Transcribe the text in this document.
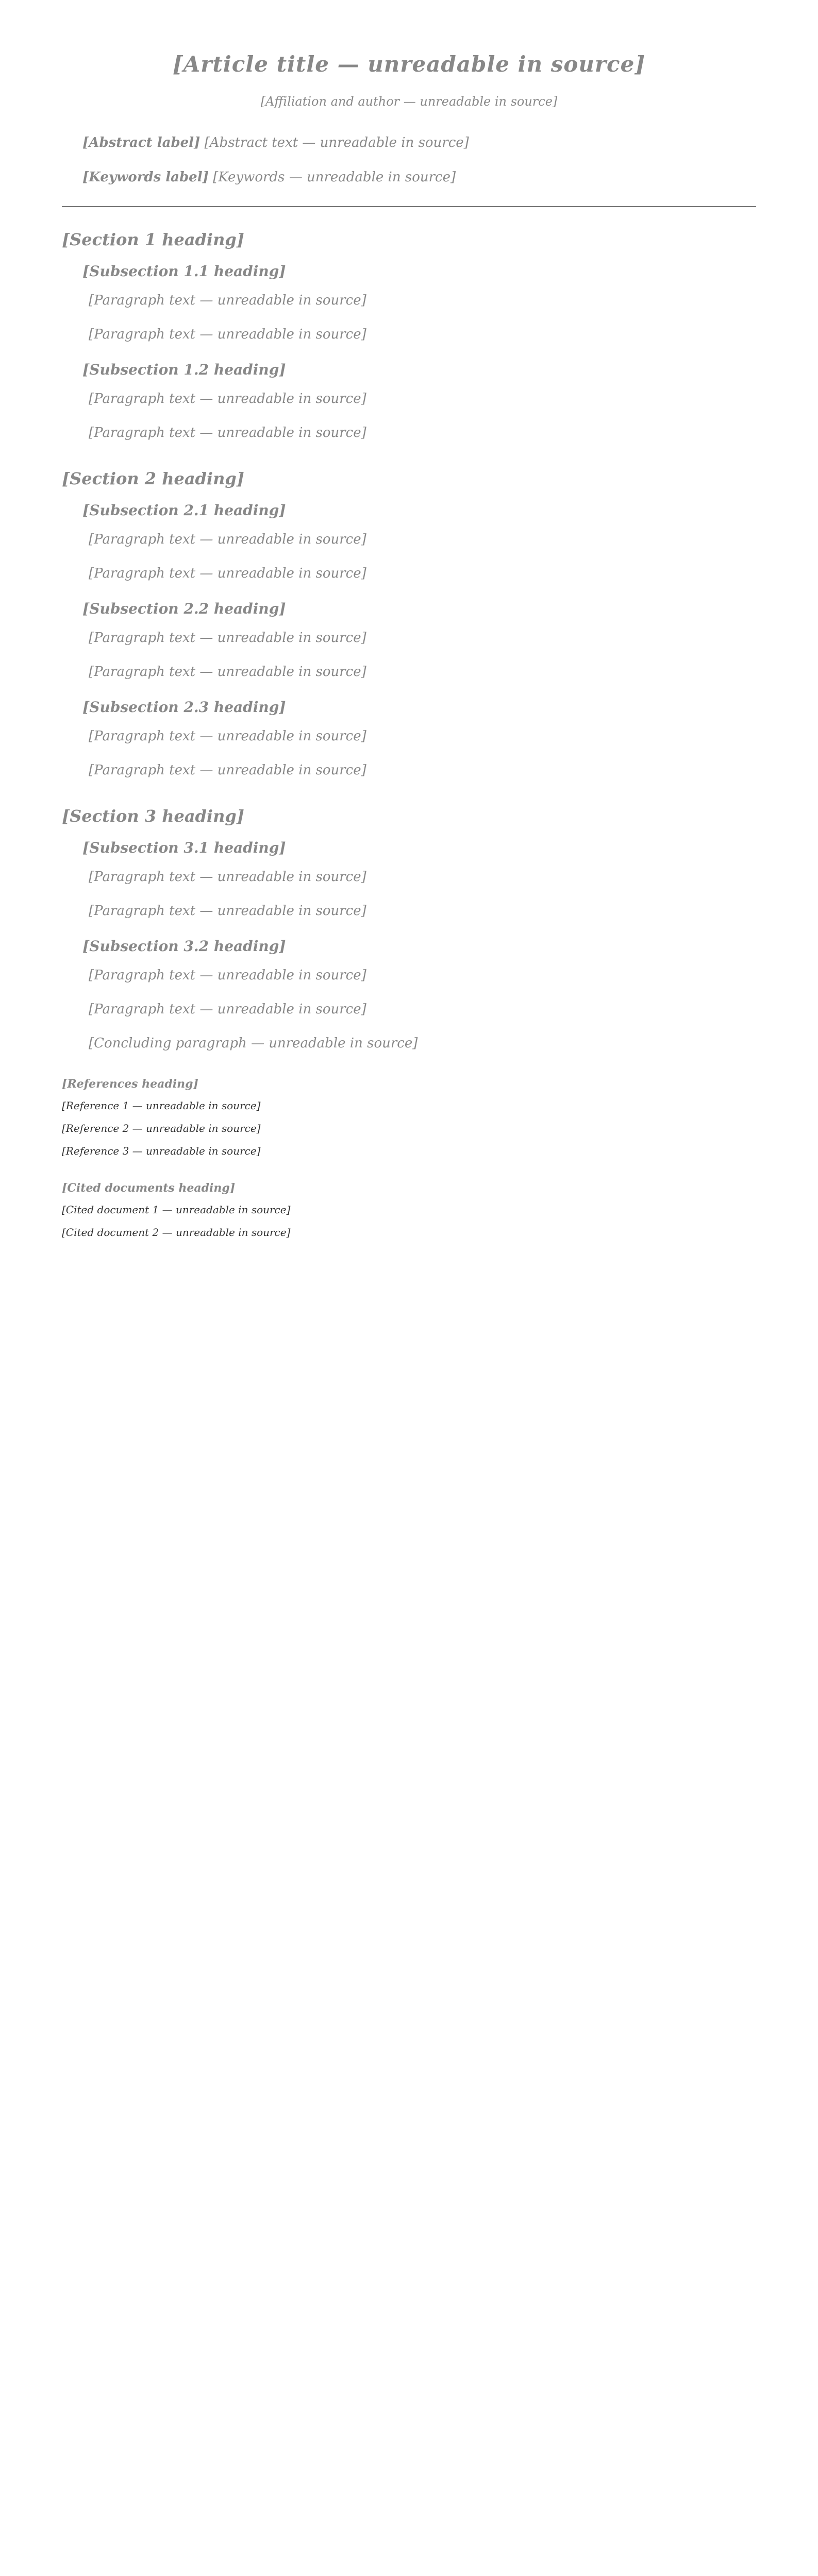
[Article title — unreadable in source]
[Affiliation and author — unreadable in source]
[Abstract label] [Abstract text — unreadable in source]
[Keywords label] [Keywords — unreadable in source]
[Section 1 heading]
[Subsection 1.1 heading]

[Paragraph text — unreadable in source]

[Paragraph text — unreadable in source]

[Subsection 1.2 heading]

[Paragraph text — unreadable in source]

[Paragraph text — unreadable in source]

[Section 2 heading]
[Subsection 2.1 heading]

[Paragraph text — unreadable in source]

[Paragraph text — unreadable in source]

[Subsection 2.2 heading]

[Paragraph text — unreadable in source]

[Paragraph text — unreadable in source]

[Subsection 2.3 heading]

[Paragraph text — unreadable in source]

[Paragraph text — unreadable in source]

[Section 3 heading]
[Subsection 3.1 heading]

[Paragraph text — unreadable in source]

[Paragraph text — unreadable in source]

[Subsection 3.2 heading]

[Paragraph text — unreadable in source]

[Paragraph text — unreadable in source]

[Concluding paragraph — unreadable in source]

[References heading]

[Reference 1 — unreadable in source]

[Reference 2 — unreadable in source]

[Reference 3 — unreadable in source]

[Cited documents heading]

[Cited document 1 — unreadable in source]

[Cited document 2 — unreadable in source]
